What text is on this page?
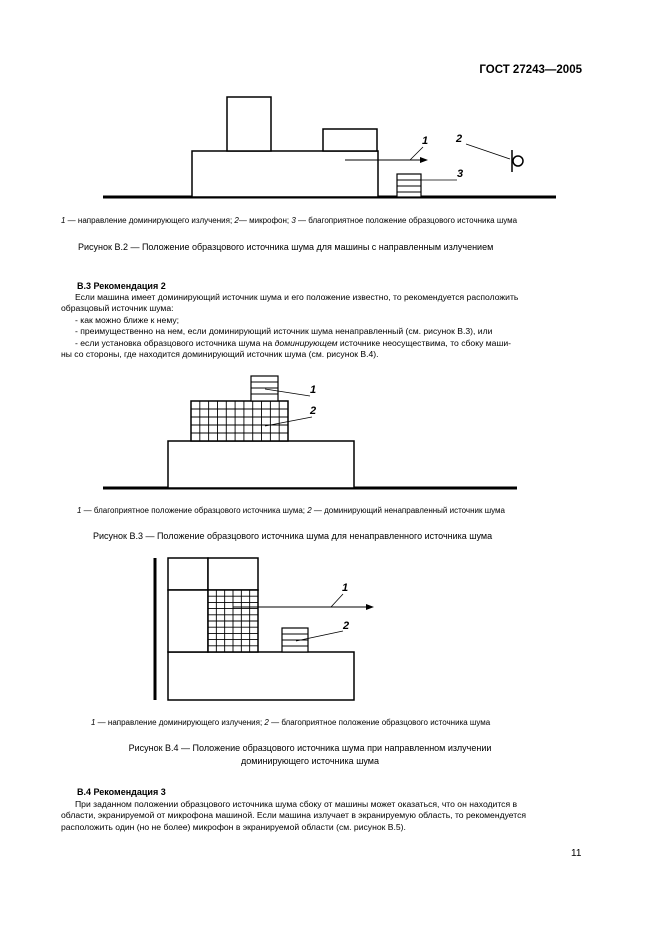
ГОСТ 27243—2005
1	2
3
1 — направление доминирующего излучения; 2— микрофон; 3 — благоприятное положение образцового источника шума
Рисунок В.2 — Положение образцового источника шума для машины с направленным излучением
В.3 Рекомендация 2
Если машина имеет доминирующий источник шума и его положение известно, то рекомендуется расположить
образцовый источник шума:
- как можно ближе к нему;
- преимущественно на нем, если доминирующий источник шума ненаправленный (см. рисунок В.3), или
- если установка образцового источника шума на доминирующем источнике неосуществима, то сбоку маши-
ны со стороны, где находится доминирующий источник шума (см. рисунок В.4).
1
2
1 — благоприятное положение образцового источника шума; 2 — доминирующий ненаправленный источник шума
Рисунок В.3 — Положение образцового источника шума для ненаправленного источника шума
1
2
1 — направление доминирующего излучения; 2 — благоприятное положение образцового источника шума
Рисунок В.4 — Положение образцового источника шума при направленном излучении
доминирующего источника шума
В.4 Рекомендация 3
При заданном положении образцового источника шума сбоку от машины может оказаться, что он находится в
области, экранируемой от микрофона машиной. Если машина излучает в экранируемую область, то рекомендуется
расположить один (но не более) микрофон в экранируемой области (см. рисунок В.5).
11
